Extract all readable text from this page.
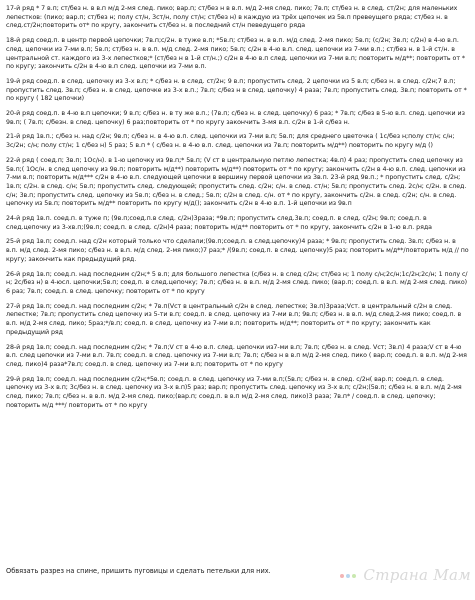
17-й ряд * 7 в.п; ст/без н. в в.п м/д 2-мя след. пико; вар.п; ст/без н в в.п. м/д 2-мя след. пико; 7в.п; ст/без н. в след. ст/2н; для маленьких лепестков: (пико; вар.п; ст/без н; полу ст/н, 3ст/н, полу ст/н; ст/без н) в каждую из трёх цепочек из 5в.п превеущего ряда; ст/без н. в след.ст/2н;повторить от* по кругу, закончить ст/без н. в последний ст/н певедущего ряда

18-й ряд соед.п. в центр первой цепочки; 7в.п;с/2н. в туже в.п; *5в.п; ст/без н. в в.п. м/д след. 2-мя пико; 5в.п; (с/2н; 3в.п; с/2н) в 4-ю в.п. след. цепочки из 7-ми в.п; 5в.п; ст/без н. в в.п. м/д след. 2-мя пико; 5в.п; с/2н в 4-ю в.п. след. цепочки из 7-ми в.п.; ст/без н. в 1-й ст/н. в центральной ст. каждого из 3-х лепестков;* (ст/без н в 1-й ст/н.;) с/2н в 4-ю в.п след. цепочки из 7-ми в.п; повторить м/д**; повторить от * по кругу; закончить с/2н в 4-ю в.п след. цепочки из 7-ми в.п.

19-й ряд соед.п. в след. цепочку из 3-х в.п; * с/без н. в след. ст/2н; 9 в.п; пропустить след. 2 цепочки из 5 в.п; с/без н. в след. с/2н;7 в.п; пропустить след. 3в.п; с/без н. в след. цепочке из 3-х в.п.; 7в.п; с/без н в след. цепочку) 4 раза; 7в.п; пропустить след. 3в.п; повторить от * по кругу ( 182 цепочки)

20-й ряд соед.п. в 4-ю в.п цепочки; 9 в.п; с/без н. в ту же в.п.; (7в.п; с/без н. в след. цепочку) 6 раз; * 7в.п; с/без в 5-ю в.п. след. цепочки из 9в.п; ( 7в.п; с/безн. в след. цепочку) 6 раз;повторить от * по кругу закончить 3-мя в.п. с/2н в 1-й с/без н.

21-й ряд 1в.п.; с/без н. над с/2н; 9в.п; с/без н. в 4-ю в.п. след. цепочки из 7-ми в.п; 5в.п; для среднего цветочка ( 1с/без н;полу ст/н; с/н; 3с/2н; с/н; полу ст/н; 1 с/без н) 5 раз; 5 в.п * ( с/без н. в 4-ю в.п. след. цепочки из 7в.п; повторить м/д**) повторить по кругу м/д ()

22-й ряд ( соед.п; 3в.п; 1Ос/н). в 1-ю цепочку из 9в.п;* 5в.п; (V ст в центральную петлю лепестка; 4в.п) 4 раз; пропустить след цепочку из 5в.п;( 1Ос/н. в след цепочку из 9в.п; повторить м/д**) повторить м/д**) повторить от * по кругу; закончить с/2н в 4-ю в.п. след. цепочки из 7-ми в.п; повторить м/д*** с/2н в 4-ю в.п. следующей цепочки в вершину первой цепочки из 3в.п. 23-й ряд 9в.п.; * пропустить след. с/2н; 1в.п; с/2н. в след. с/н; 5в.п; пропустить след. следующей; пропустить след. с/2н; с/н. в след. ст/н; 5в.п; пропустить след. 2с/н; с/2н. в след. с/н; 3в.п; пропустить след. цепочку из 5в.п; с/без н. в след.; 5в.п; с/2н в след. с/н. от * по кругу, закончить с/2н. в след. с/2н; с/н. в след. цепочку из 5в.п; повторить м/д** повторить по кругу м/д(); закончить с/2н в 4-ю в.п. 1-й цепочки из 9в.п

24-й ряд 1в.п. соед.п. в туже п; (9в.п;соед.п.в след. с/2н)3раза; *9в.п; пропустить след.3в.п; соед.п. в след. с/2н; 9в.п; соед.п. в след.цепочку из 3-хв.п;(9в.п; соед.п. в след. с/2н)4 раза; повторить м/д** повторить от * по кругу, закончить с/2н в 1-ю в.п. ряда

25-й ряд 1в.п; соед.п. над с/2н который только что сделали;(9в.п;соед.п. в след.цепочку)4 раза; * 9в.п; пропустить след. 3в.п; с/без н. в в.п. м/д след. 2-мя пико; с/без н. в в.п. м/д след. 2-мя пико;)7 раз;* /(9в.п; соед.п. в след. цепочку)5 раз; повторить м/д**/повторить м/д // по кругу; закончить как предыдущий ряд.

26-й ряд 1в.п; соед.п. над последним с/2н;* 5 в.п; для большого лепестка (с/без н. в след с/2н; ст/без н; 1 полу с/н;2с/н;1с/2н;2с/н; 1 полу с/н; 2с/без н) в 4-юсл. цепочки;5в.п; соед.п. в след.цепочку; 7в.п; с/без н. в в.п. м/д 2-мя след. пико; (вар.п; соед.п. в в.п. м/д 2-мя след. пико) 6 раз; 7в.п; соед.п. в след. цепочку; повторить от * по кругу

27-й ряд 1в.п; соед.п. над последним с/2н; * 7в.п(Vст в центральный с/2н в след. лепестке; 3в.п)3раза;Vст. в центральный с/2н в след. лепестке; 7в.п; пропустить след цепочку из 5-ти в.п; соед.п. в след. цепочку из 7-ми в.п; 9в.п; с/без н. в в.п. м/д след.2-мя пико; соед.п. в в.п. м/д 2-мя след. пико; 5раз;*/в.п; соед.п. в след. цепочку из 7-ми в.п; повторить м/д**; повторить от * по кругу; закончить как предыдущий ряд

28-й ряд 1в.п; соед.п. над последним с/2н; * 7в.п;V ст в 4-ю в.п. след. цепочки из7-ми в.п; 7в.п; с/без н. в след. Vст; 3в.п) 4 раза;V ст в 4-ю в.п. след цепочки из 7-ми в.п. 7в.п; соед.п. в след. цепочку из 7-ми в.п; 7в.п; с/без н в в.п м/д 2-мя след. пико ( вар.п; соед.п. в в.п. м/д 2-мя след. пико)4 раза*7в.п; соед.п. в след. цепочку из 7-ми в.п; повторить от * по кругу

29-й ряд 1в.п; соед.п. над последним с/2н;*5в.п; соед.п. в след. цепочку из 7-ми в.п;(5в.п; с/без н. в след. с/2н( вар.п; соед.п. в след. цепочку из 3-х в.п; 3с/без н. в след. цепочку из 3-х в.п)5 раз; вар.п; пропустить след. цепочку из 3-х в.п; с/2н;(5в.п; с/без н. в в.п. м/д 2-мя след. пико; 7в.п; с/без н. в в.п. м/д 2-мя след. пико;(вар.п; соед.п. в в.п м/д 2-мя след. пико)3 раза; 7в.п* / соед.п. в след. цепочку; повторить м/д ***/ повторить от * по кругу

Обвязать разрез на спине, пришить пуговицы и сделать петельки для них.	Страна Мам
